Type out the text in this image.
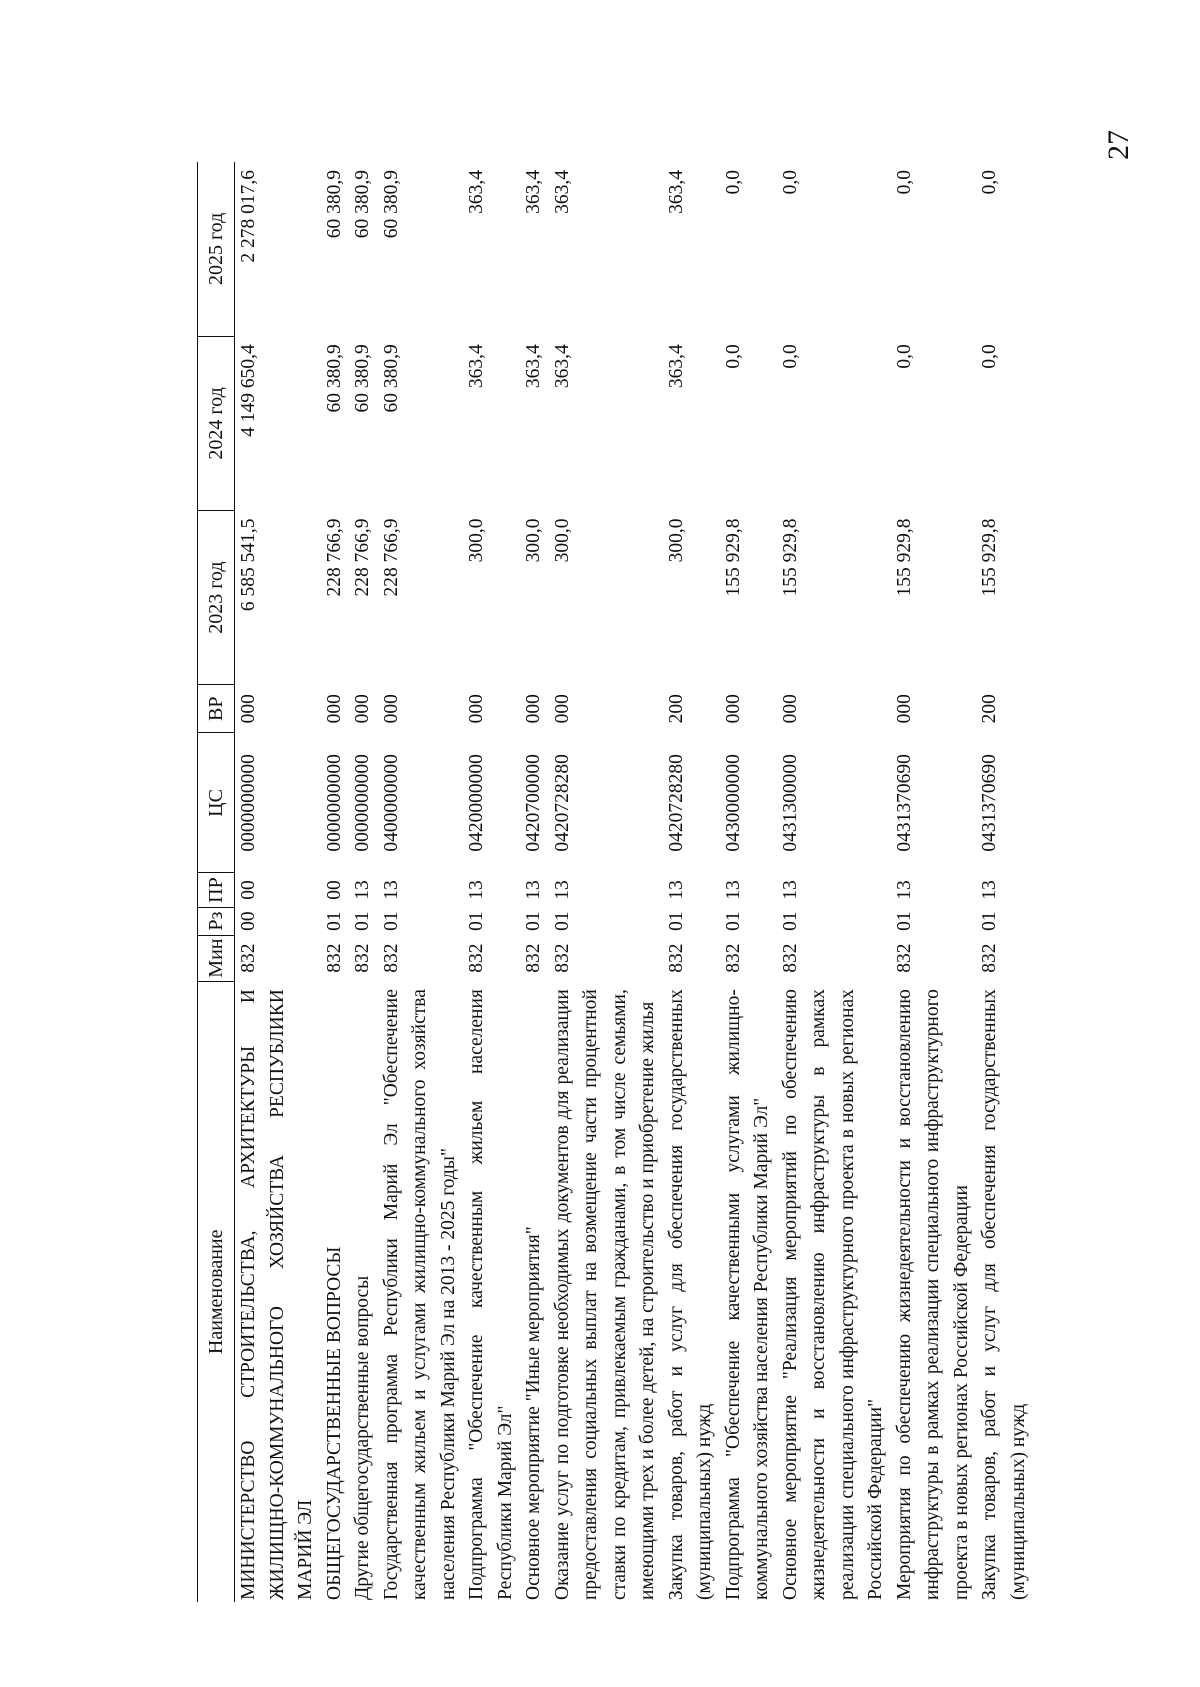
27
Наименование	Мин	Рз	ПР	ЦС	ВР	2023 год	2024 год	2025 год
МИНИСТЕРСТВО СТРОИТЕЛЬСТВА, АРХИТЕКТУРЫ И ЖИЛИЩНО-КОММУНАЛЬНОГО ХОЗЯЙСТВА РЕСПУБЛИКИ МАРИЙ ЭЛ	832	00	00	0000000000	000	6 585 541,5	4 149 650,4	2 278 017,6
ОБЩЕГОСУДАРСТВЕННЫЕ ВОПРОСЫ	832	01	00	0000000000	000	228 766,9	60 380,9	60 380,9
Другие общегосударственные вопросы	832	01	13	0000000000	000	228 766,9	60 380,9	60 380,9
Государственная программа Республики Марий Эл "Обеспечение качественным жильем и услугами жилищно-коммунального хозяйства населения Республики Марий Эл на 2013 - 2025 годы"	832	01	13	0400000000	000	228 766,9	60 380,9	60 380,9
Подпрограмма "Обеспечение качественным жильем населения Республики Марий Эл"	832	01	13	0420000000	000	300,0	363,4	363,4
Основное мероприятие "Иные мероприятия"	832	01	13	0420700000	000	300,0	363,4	363,4
Оказание услуг по подготовке необходимых документов для реализации предоставления социальных выплат на возмещение части процентной ставки по кредитам, привлекаемым гражданами, в том числе семьями, имеющими трех и более детей, на строительство и приобретение жилья	832	01	13	0420728280	000	300,0	363,4	363,4
Закупка товаров, работ и услуг для обеспечения государственных (муниципальных) нужд	832	01	13	0420728280	200	300,0	363,4	363,4
Подпрограмма "Обеспечение качественными услугами жилищно-коммунального хозяйства населения Республики Марий Эл"	832	01	13	0430000000	000	155 929,8	0,0	0,0
Основное мероприятие "Реализация мероприятий по обеспечению жизнедеятельности и восстановлению инфраструктуры в рамках реализации специального инфраструктурного проекта в новых регионах Российской Федерации"	832	01	13	0431300000	000	155 929,8	0,0	0,0
Мероприятия по обеспечению жизнедеятельности и восстановлению инфраструктуры в рамках реализации специального инфраструктурного проекта в новых регионах Российской Федерации	832	01	13	0431370690	000	155 929,8	0,0	0,0
Закупка товаров, работ и услуг для обеспечения государственных (муниципальных) нужд	832	01	13	0431370690	200	155 929,8	0,0	0,0
